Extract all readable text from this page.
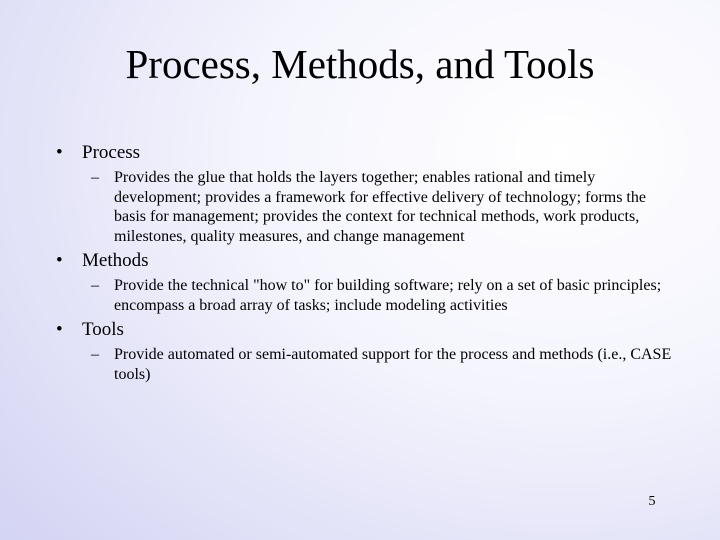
Process, Methods, and Tools
•	Process
– Provides the glue that holds the layers together; enables rational and timely development; provides a framework for effective delivery of technology; forms the basis for management; provides the context for technical methods, work products, milestones, quality measures, and change management
•	Methods
– Provide the technical "how to" for building software; rely on a set of basic principles; encompass a broad array of tasks; include modeling activities
•	Tools
– Provide automated or semi-automated support for the process and methods (i.e., CASE tools)
5
